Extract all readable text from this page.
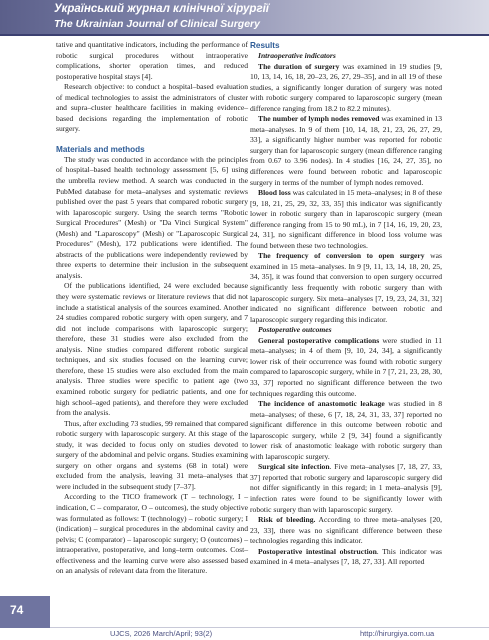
Український журнал клінічної хірургії
The Ukrainian Journal of Clinical Surgery

tative and quantitative indicators, including the performance of robotic surgical procedures without intraoperative complications, shorter operation times, and reduced postoperative hospital stays [4].

Research objective: to conduct a hospital–based evaluation of medical technologies to assist the administrators of cluster and supra–cluster healthcare facilities in making evidence–based decisions regarding the implementation of robotic surgery.

Materials and methods

The study was conducted in accordance with the principles of hospital–based health technology assessment [5, 6] using the umbrella review method. A search was conducted in the PubMed database for meta–analyses and systematic reviews published over the past 5 years that compared robotic surgery with laparoscopic surgery. Using the search terms "Robotic Surgical Procedures" (Mesh) or "Da Vinci Surgical System" (Mesh) and "Laparoscopy" (Mesh) or "Laparoscopic Surgical Procedures" (Mesh), 172 publications were identified. The abstracts of the publications were independently reviewed by three experts to determine their inclusion in the subsequent analysis.

Of the publications identified, 24 were excluded because they were systematic reviews or literature reviews that did not include a statistical analysis of the sources examined. Another 24 studies compared robotic surgery with open surgery, and 7 did not include comparisons with laparoscopic surgery; therefore, these 31 studies were also excluded from the analysis. Nine studies compared different robotic surgical techniques, and six studies focused on the learning curve; therefore, these 15 studies were also excluded from the main analysis. Three studies were specific to patient age (two examined robotic surgery for pediatric patients, and one for high school–aged patients), and therefore they were excluded from the analysis.

Thus, after excluding 73 studies, 99 remained that compared robotic surgery with laparoscopic surgery. At this stage of the study, it was decided to focus only on studies devoted to surgery of the abdominal and pelvic organs. Studies examining surgery on other organs and systems (68 in total) were excluded from the analysis, leaving 31 meta–analyses that were included in the subsequent study [7–37].

According to the TICO framework (T – technology, I – indication, C – comparator, O – outcomes), the study objective was formulated as follows: T (technology) – robotic surgery; I (indication) – surgical procedures in the abdominal cavity and pelvis; C (comparator) – laparoscopic surgery; O (outcomes) – intraoperative, postoperative, and long–term outcomes. Cost–effectiveness and the learning curve were also assessed based on an analysis of relevant data from the literature.

Results

Intraoperative indicators

The duration of surgery was examined in 19 studies [9, 10, 13, 14, 16, 18, 20–23, 26, 27, 29–35], and in all 19 of these studies, a significantly longer duration of surgery was noted with robotic surgery compared to laparoscopic surgery (mean difference ranging from 18.2 to 82.2 minutes).

The number of lymph nodes removed was examined in 13 meta–analyses. In 9 of them [10, 14, 18, 21, 23, 26, 27, 29, 33], a significantly higher number was reported for robotic surgery than for laparoscopic surgery (mean difference ranging from 0.67 to 3.96 nodes). In 4 studies [16, 24, 27, 35], no differences were found between robotic and laparoscopic surgery in terms of the number of lymph nodes removed.

Blood loss was calculated in 15 meta–analyses; in 8 of these [9, 18, 21, 25, 29, 32, 33, 35] this indicator was significantly lower in robotic surgery than in laparoscopic surgery (mean difference ranging from 15 to 90 mL), in 7 [14, 16, 19, 20, 23, 24, 31], no significant difference in blood loss volume was found between these two technologies.

The frequency of conversion to open surgery was examined in 15 meta–analyses. In 9 [9, 11, 13, 14, 18, 20, 25, 34, 35], it was found that conversion to open surgery occurred significantly less frequently with robotic surgery than with laparoscopic surgery. Six meta–analyses [7, 19, 23, 24, 31, 32] indicated no significant difference between robotic and laparoscopic surgery regarding this indicator.

Postoperative outcomes

General postoperative complications were studied in 11 meta–analyses; in 4 of them [9, 10, 24, 34], a significantly lower risk of their occurrence was found with robotic surgery compared to laparoscopic surgery, while in 7 [7, 21, 23, 28, 30, 33, 37] reported no significant difference between the two techniques regarding this outcome.

The incidence of anastomotic leakage was studied in 8 meta–analyses; of these, 6 [7, 18, 24, 31, 33, 37] reported no significant difference in this outcome between robotic and laparoscopic surgery, while 2 [9, 34] found a significantly lower risk of anastomotic leakage with robotic surgery than with laparoscopic surgery.

Surgical site infection. Five meta–analyses [7, 18, 27, 33, 37] reported that robotic surgery and laparoscopic surgery did not differ significantly in this regard; in 1 meta–analysis [9], infection rates were found to be significantly lower with robotic surgery than with laparoscopic surgery.

Risk of bleeding. According to three meta–analyses [20, 23, 33], there was no significant difference between these technologies regarding this indicator.

Postoperative intestinal obstruction. This indicator was examined in 4 meta–analyses [7, 18, 27, 33]. All reported

74
UJCS, 2026 March/April; 93(2)	http://hirurgiya.com.ua
